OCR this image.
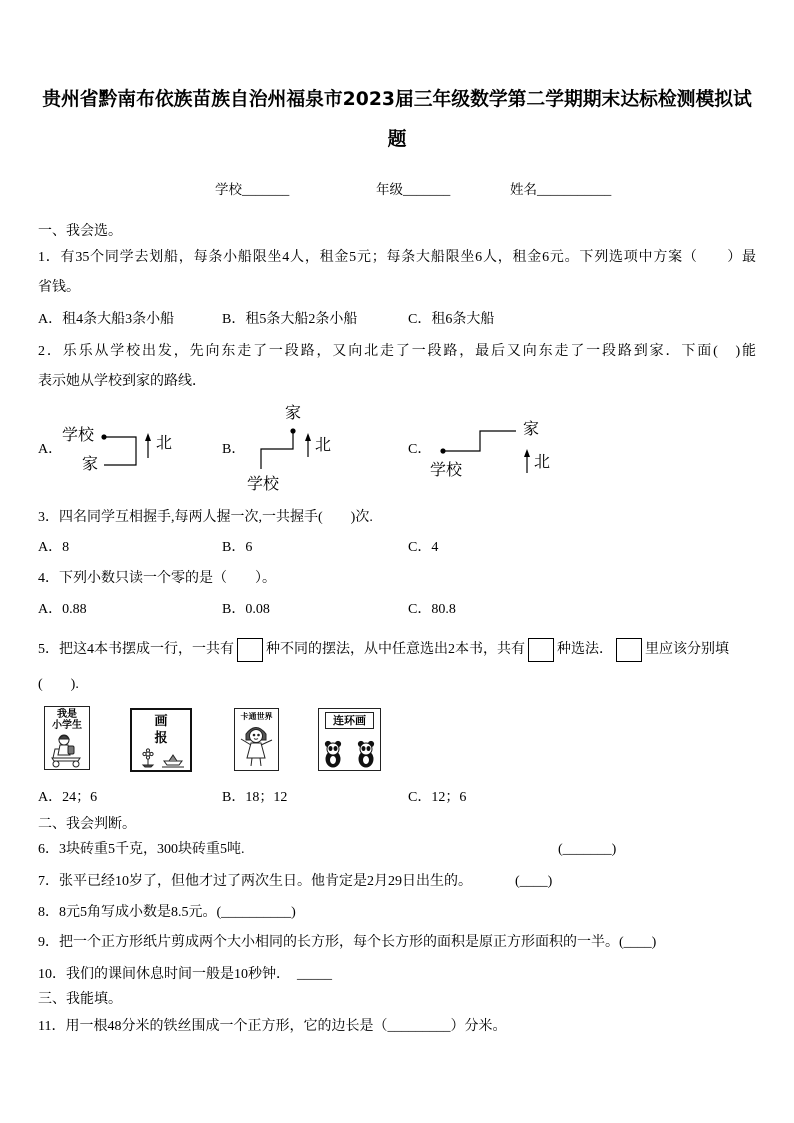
贵州省黔南布依族苗族自治州福泉市2023届三年级数学第二学期期末达标检测模拟试
题
学校_______	年级_______	姓名___________
一、我会选。
1．有35个同学去划船，每条小船限坐4人，租金5元；每条大船限坐6人，租金6元。下列选项中方案（　　）最
省钱。
A．租4条大船3条小船	B．租5条大船2条小船	C．租6条大船
2．乐乐从学校出发，先向东走了一段路，又向北走了一段路，最后又向东走了一段路到家．下面(　)能
表示她从学校到家的路线．
A．
学校
家
北	B．
学校
家
北	C．
学校
家
北
3．四名同学互相握手,每两人握一次,一共握手(　　)次.
A．8	B．6	C．4
4．下列小数只读一个零的是（　　）。
A．0.88	B．0.08	C．80.8
5．把这4本书摆成一行，一共有 种不同的摆法，从中任意选出2本书，共有 种选法． 里应该分别填
(　　).
我是
小学生	画
报
卡通世界	连环画
A．24；6	B．18；12	C．12；6
二、我会判断。
6．3块砖重5千克，300块砖重5吨.	(_______)
7．张平已经10岁了，但他才过了两次生日。他肯定是2月29日出生的。	(____)
8．8元5角写成小数是8.5元。(__________)
9．把一个正方形纸片剪成两个大小相同的长方形，每个长方形的面积是原正方形面积的一半。(____)
10．我们的课间休息时间一般是10秒钟． _____
三、我能填。
11．用一根48分米的铁丝围成一个正方形，它的边长是（_________）分米。
